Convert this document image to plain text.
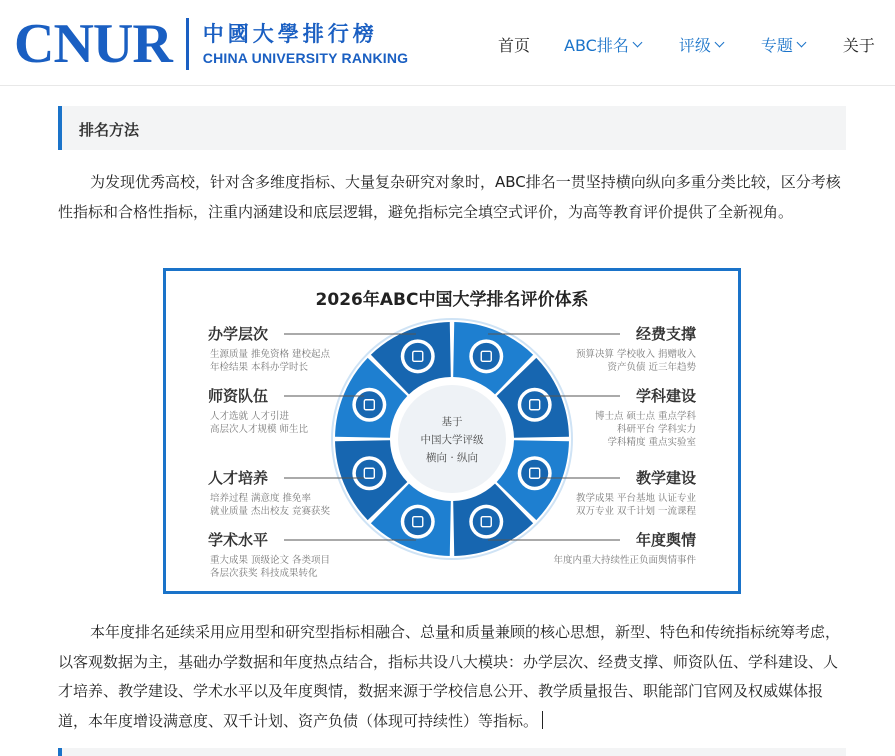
CNUR 中國大學排行榜
CHINA UNIVERSITY RANKING
首页 ABC排名	评级	专题	关于
排名方法

为发现优秀高校，针对含多维度指标、大量复杂研究对象时，ABC排名一贯坚持横向纵向多重分类比较，区分考核性指标和合格性指标，注重内涵建设和底层逻辑，避免指标完全填空式评价，为高等教育评价提供了全新视角。

2026年ABC中国大学排名评价体系
基于
中国大学评级
横向 · 纵向
办学层次
生源质量 推免资格 建校起点
年检结果 本科办学时长
师资队伍
人才选就 人才引进
高层次人才规模 师生比
人才培养
培养过程 满意度 推免率
就业质量 杰出校友 竞赛获奖
学术水平
重大成果 顶级论文 各类项目
各层次获奖 科技成果转化
经费支撑
预算决算 学校收入 捐赠收入
资产负债 近三年趋势
学科建设
博士点 硕士点 重点学科
科研平台 学科实力
学科精度 重点实验室
教学建设
教学成果 平台基地 认证专业
双万专业 双千计划 一流课程
年度舆情
年度内重大持续性正负面舆情事件

本年度排名延续采用应用型和研究型指标相融合、总量和质量兼顾的核心思想，新型、特色和传统指标统筹考虑，以客观数据为主，基础办学数据和年度热点结合，指标共设八大模块：办学层次、经费支撑、师资队伍、学科建设、人才培养、教学建设、学术水平以及年度舆情，数据来源于学校信息公开、教学质量报告、职能部门官网及权威媒体报道，本年度增设满意度、双千计划、资产负债（体现可持续性）等指标。
